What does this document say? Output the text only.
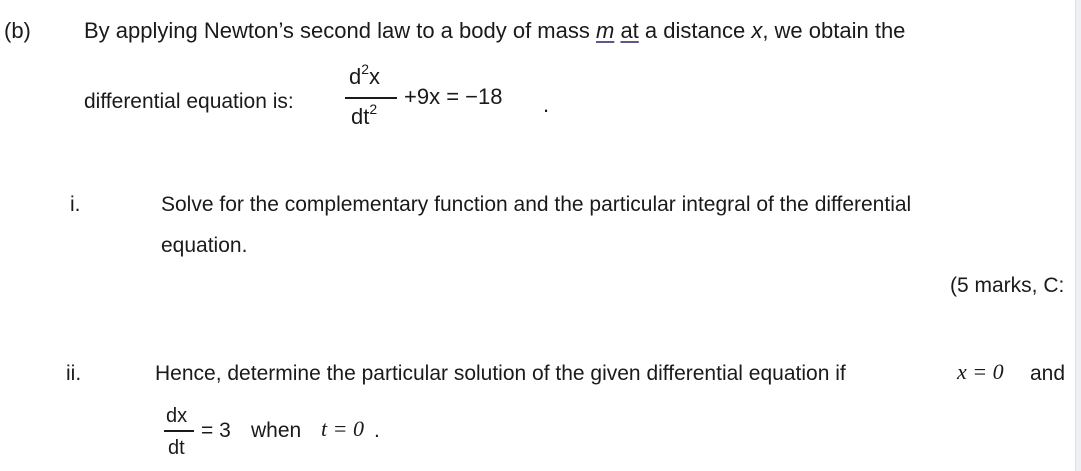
(b) By applying Newton’s second law to a body of mass m at a distance x, we obtain the
differential equation is:
$d^2x$
$dt^2 +9x = -18$ .
i.	Solve for the complementary function and the particular integral of the differential
equation.
(5 marks, C:
ii.	Hence, determine the particular solution of the given differential equation if	x = 0 and
dx
dt
= 3 when t = 0 .
